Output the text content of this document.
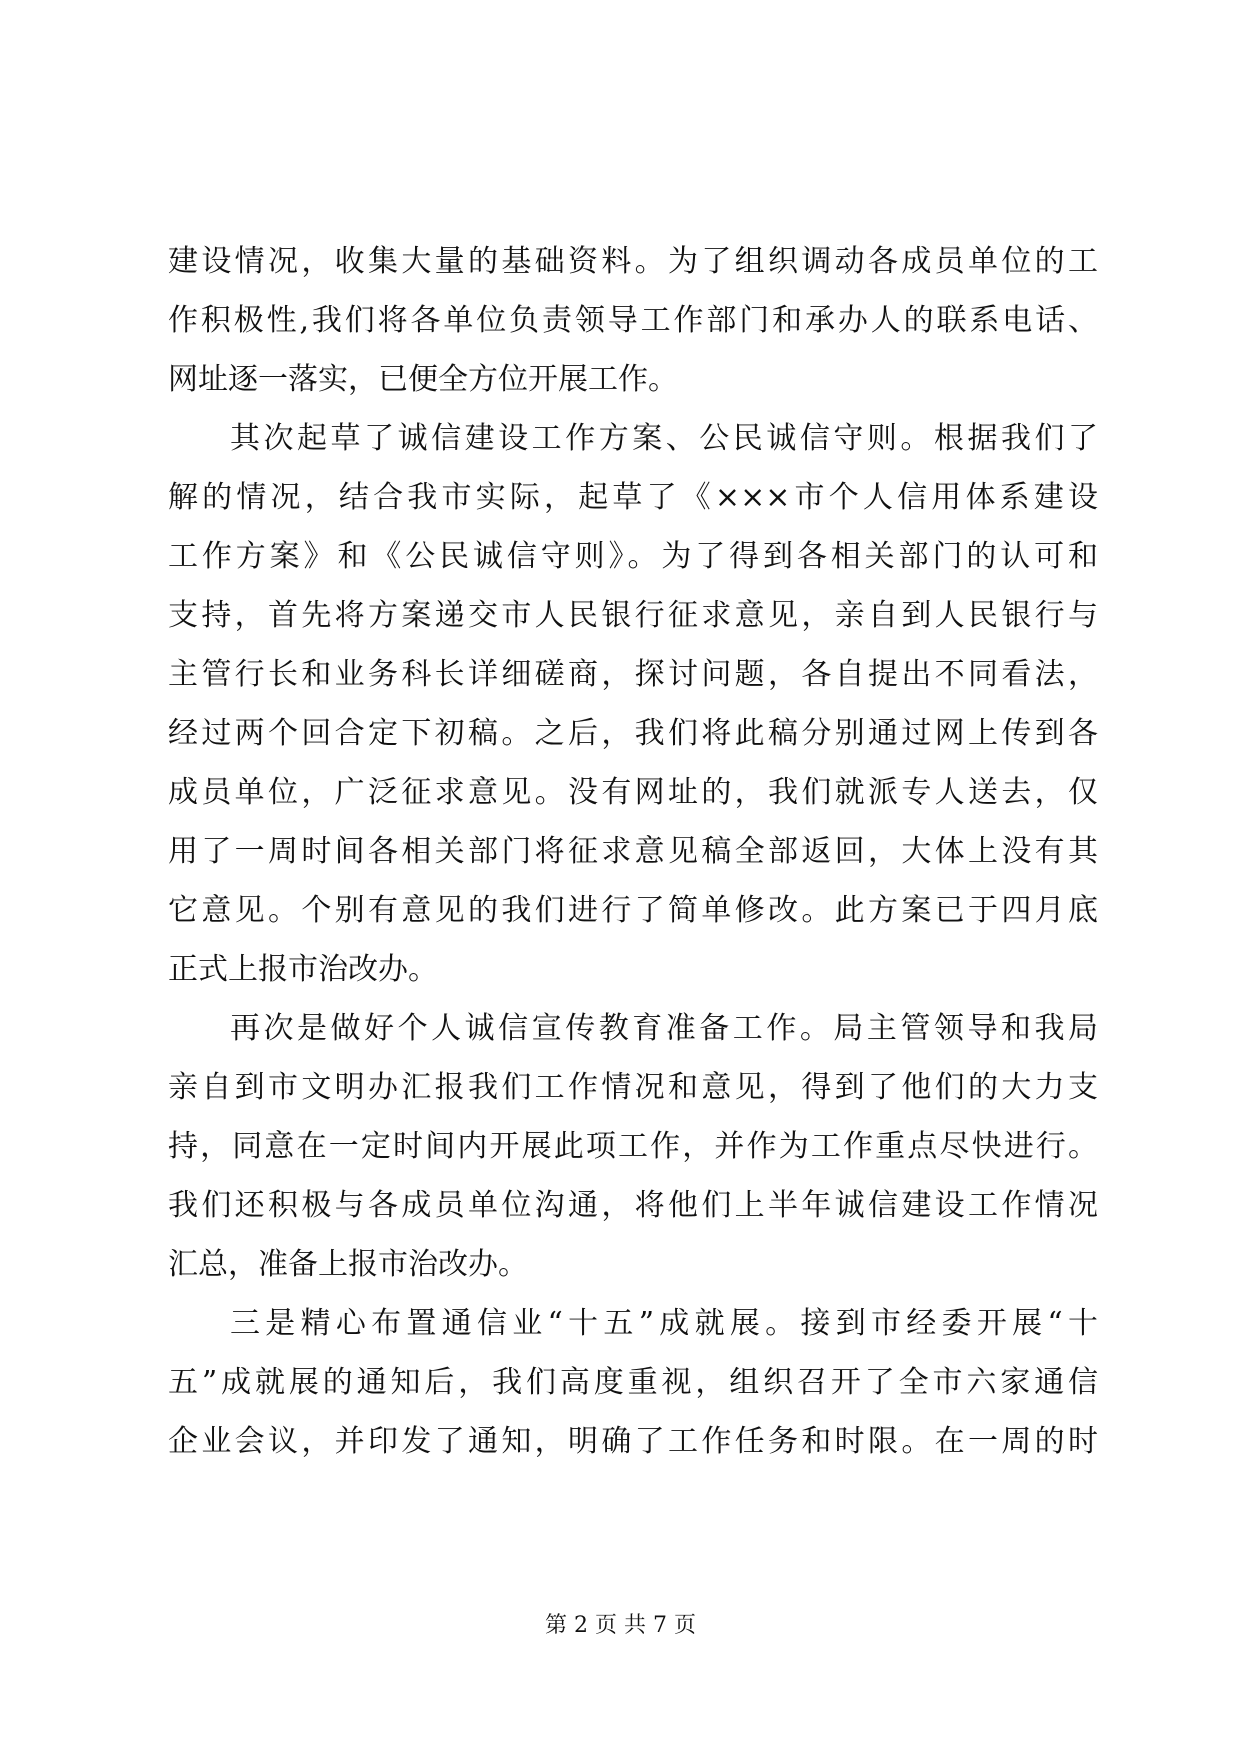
建设情况，收集大量的基础资料。为了组织调动各成员单位的工
作积极性,我们将各单位负责领导工作部门和承办人的联系电话、
网址逐一落实，已便全方位开展工作。
其次起草了诚信建设工作方案、公民诚信守则。根据我们了
解的情况，结合我市实际，起草了《×××市个人信用体系建设
工作方案》和《公民诚信守则》。为了得到各相关部门的认可和
支持，首先将方案递交市人民银行征求意见，亲自到人民银行与
主管行长和业务科长详细磋商，探讨问题，各自提出不同看法，
经过两个回合定下初稿。之后，我们将此稿分别通过网上传到各
成员单位，广泛征求意见。没有网址的，我们就派专人送去，仅
用了一周时间各相关部门将征求意见稿全部返回，大体上没有其
它意见。个别有意见的我们进行了简单修改。此方案已于四月底
正式上报市治改办。
再次是做好个人诚信宣传教育准备工作。局主管领导和我局
亲自到市文明办汇报我们工作情况和意见，得到了他们的大力支
持，同意在一定时间内开展此项工作，并作为工作重点尽快进行。
我们还积极与各成员单位沟通，将他们上半年诚信建设工作情况
汇总，准备上报市治改办。
三是精心布置通信业“十五”成就展。接到市经委开展“十
五”成就展的通知后，我们高度重视，组织召开了全市六家通信
企业会议，并印发了通知，明确了工作任务和时限。在一周的时
第 2 页 共 7 页
